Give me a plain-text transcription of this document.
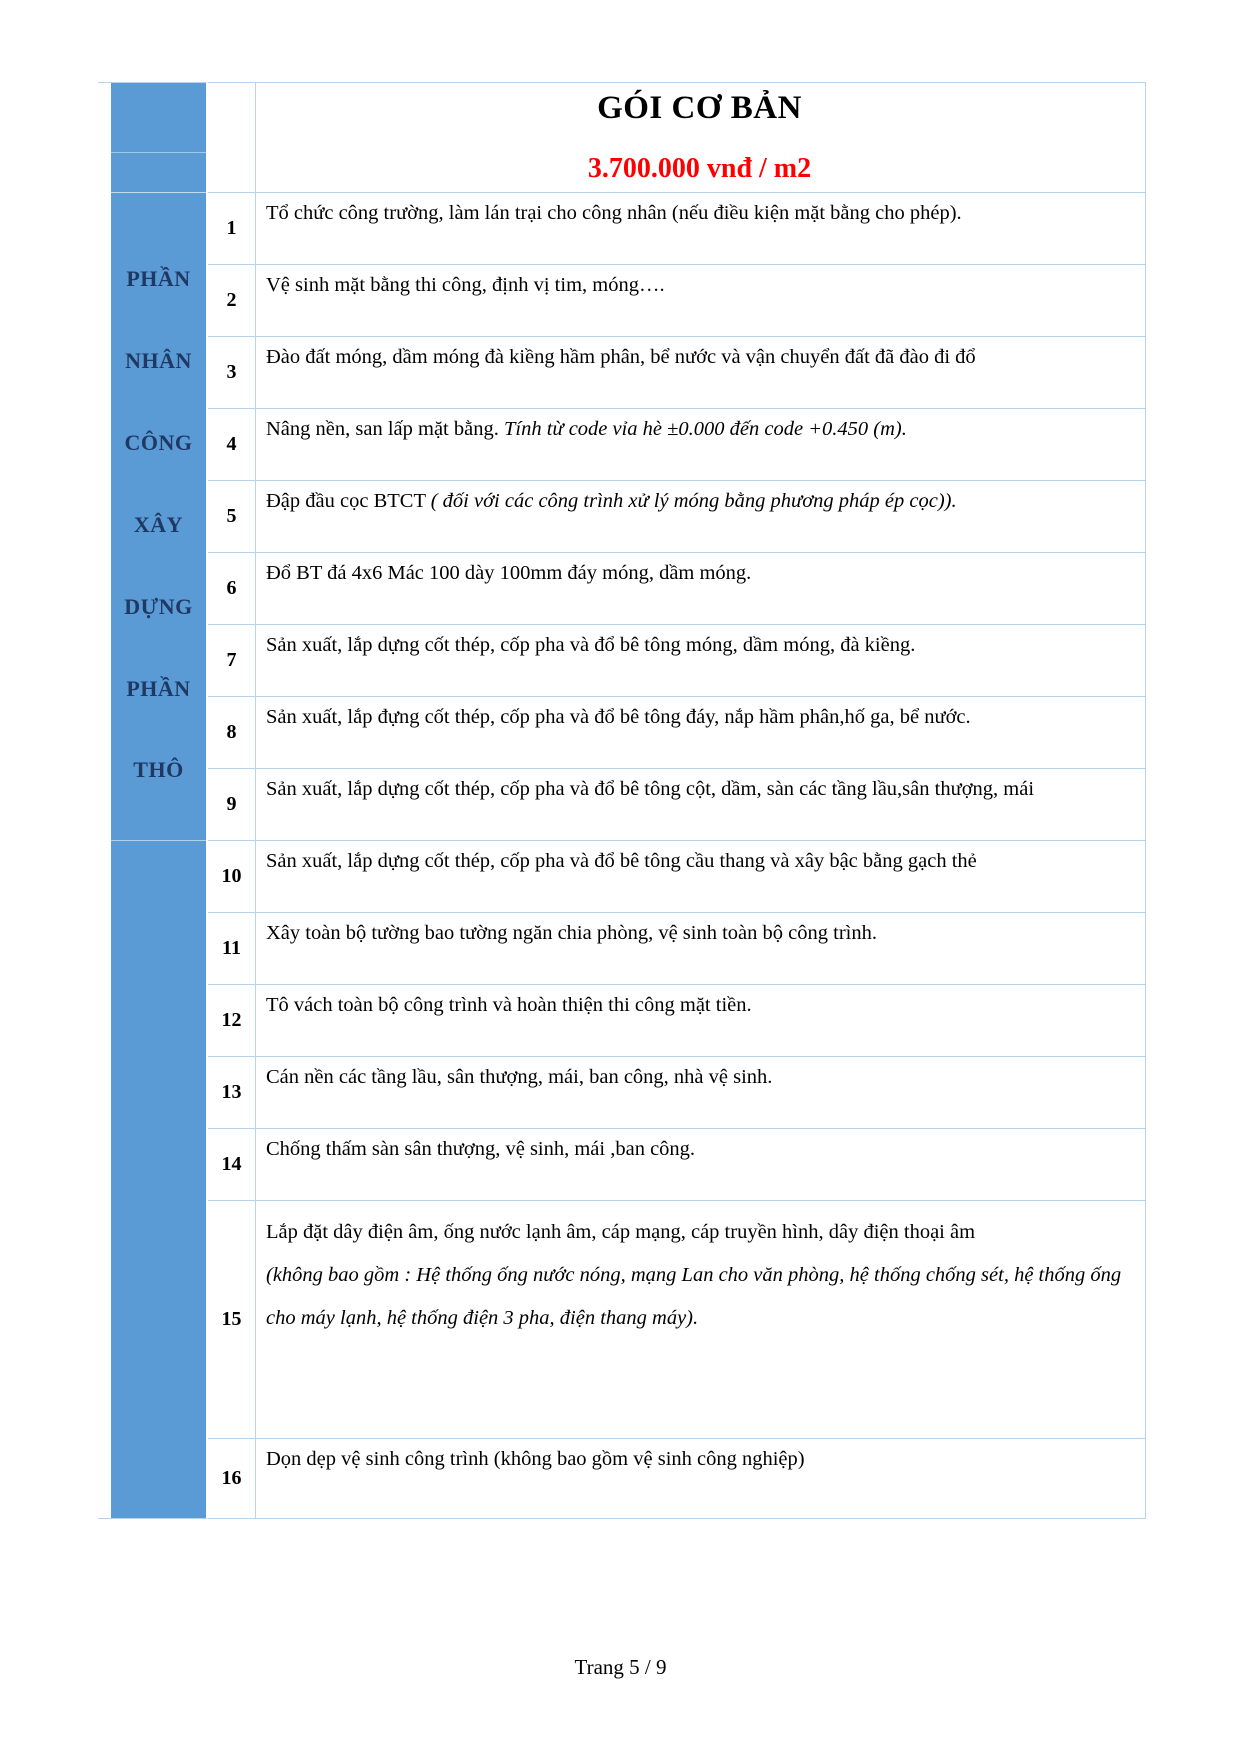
		GÓI CƠ BẢN
3.700.000 vnđ / m2

PHẦN
NHÂN
CÔNG
XÂY
DỰNG
PHẦN
THÔ
	1	Tổ chức công trường, làm lán trại cho công nhân (nếu điều kiện mặt bằng cho phép).
	2	Vệ sinh mặt bằng thi công, định vị tim, móng….
	3	Đào đất móng, dầm móng đà kiềng hầm phân, bể nước và vận chuyển đất đã đào đi đổ
	4	Nâng nền, san lấp mặt bằng. Tính từ code vỉa hè ±0.000 đến code +0.450 (m).
	5	Đập đầu cọc BTCT ( đối với các công trình xử lý móng bằng phương pháp ép cọc)).
	6	Đổ BT đá 4x6 Mác 100 dày 100mm đáy móng, dầm móng.
	7	Sản xuất, lắp dựng cốt thép, cốp pha và đổ bê tông móng, dầm móng, đà kiềng.
	8	Sản xuất, lắp đựng cốt thép, cốp pha và đổ bê tông đáy, nắp hầm phân,hố ga, bể nước.
	9	Sản xuất, lắp dựng cốt thép, cốp pha và đổ bê tông cột, dầm, sàn các tầng lầu,sân thượng, mái
	10	Sản xuất, lắp dựng cốt thép, cốp pha và đổ bê tông cầu thang và xây bậc bằng gạch thẻ
	11	Xây toàn bộ tường bao tường ngăn chia phòng, vệ sinh toàn bộ công trình.
	12	Tô vách toàn bộ công trình và hoàn thiện thi công mặt tiền.
	13	Cán nền các tầng lầu, sân thượng, mái, ban công, nhà vệ sinh.
	14	Chống thấm sàn sân thượng, vệ sinh, mái ,ban công.
	15	Lắp đặt dây điện âm, ống nước lạnh âm, cáp mạng, cáp truyền hình, dây điện thoại âm
(không bao gồm : Hệ thống ống nước nóng, mạng Lan cho văn phòng, hệ thống chống sét, hệ thống ống cho máy lạnh, hệ thống điện 3 pha, điện thang máy).

	16	Dọn dẹp vệ sinh công trình (không bao gồm vệ sinh công nghiệp)
Trang 5 / 9
